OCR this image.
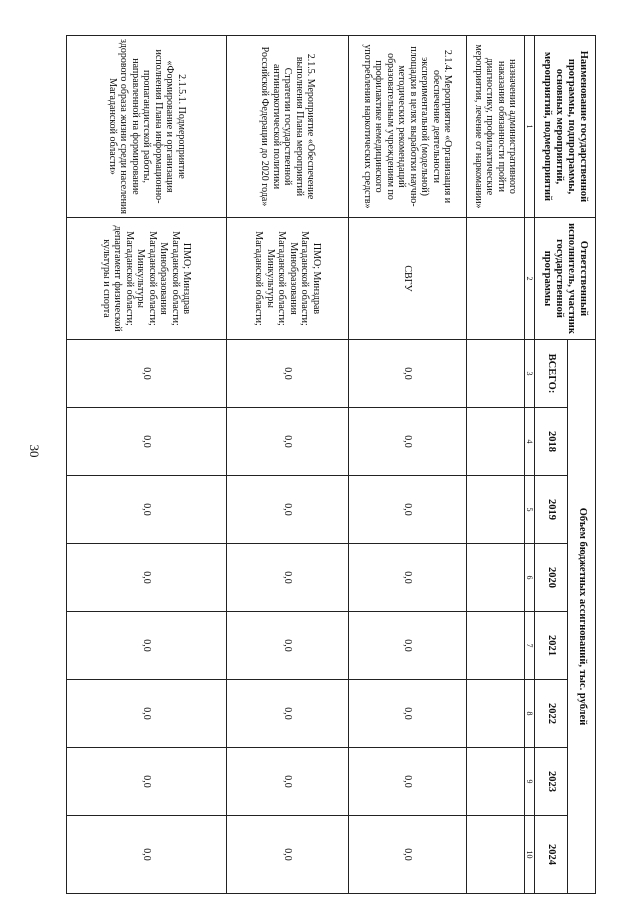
30
Наименование государственной программы, подпрограммы, основных мероприятий, мероприятий, подмероприятий	Ответственный исполнитель, участник государственной программы	Объем бюджетных ассигнований, тыс. рублей							
		ВСЕГО:	2018	2019	2020	2021	2022	2023	2024
1	2	3	4	5	6	7	8	9	10
назначении административного наказания обязанности пройти диагностику, профилактические мероприятия, лечение от наркомании»									
2.1.4. Мероприятие «Организация и обеспечение деятельности экспериментальной (модельной) площадки в целях выработки научно-методических рекомендаций образовательным учреждениям по профилактике немедицинского употребления наркотических средств»	СВГУ	0,0	0,0	0,0	0,0	0,0	0,0	0,0	0,0
2.1.5. Мероприятие «Обеспечение выполнения Плана мероприятий Стратегии государственной антинаркотической политики Российской Федерации до 2020 года»	ПМО; Минздрав Магаданской области; Минобразования Магаданской области; Минкультуры Магаданской области;	0,0	0,0	0,0	0,0	0,0	0,0	0,0	0,0
2.1.5.1. Подмероприятие «Формирование и организация исполнения Плана информационно-пропагандистской работы, направленной на формирование здорового образа жизни среди населения Магаданской области»	ПМО; Минздрав Магаданской области; Минобразования Магаданской области; Минкультуры Магаданской области; департамент физической культуры и спорта	0,0	0,0	0,0	0,0	0,0	0,0	0,0	0,0
